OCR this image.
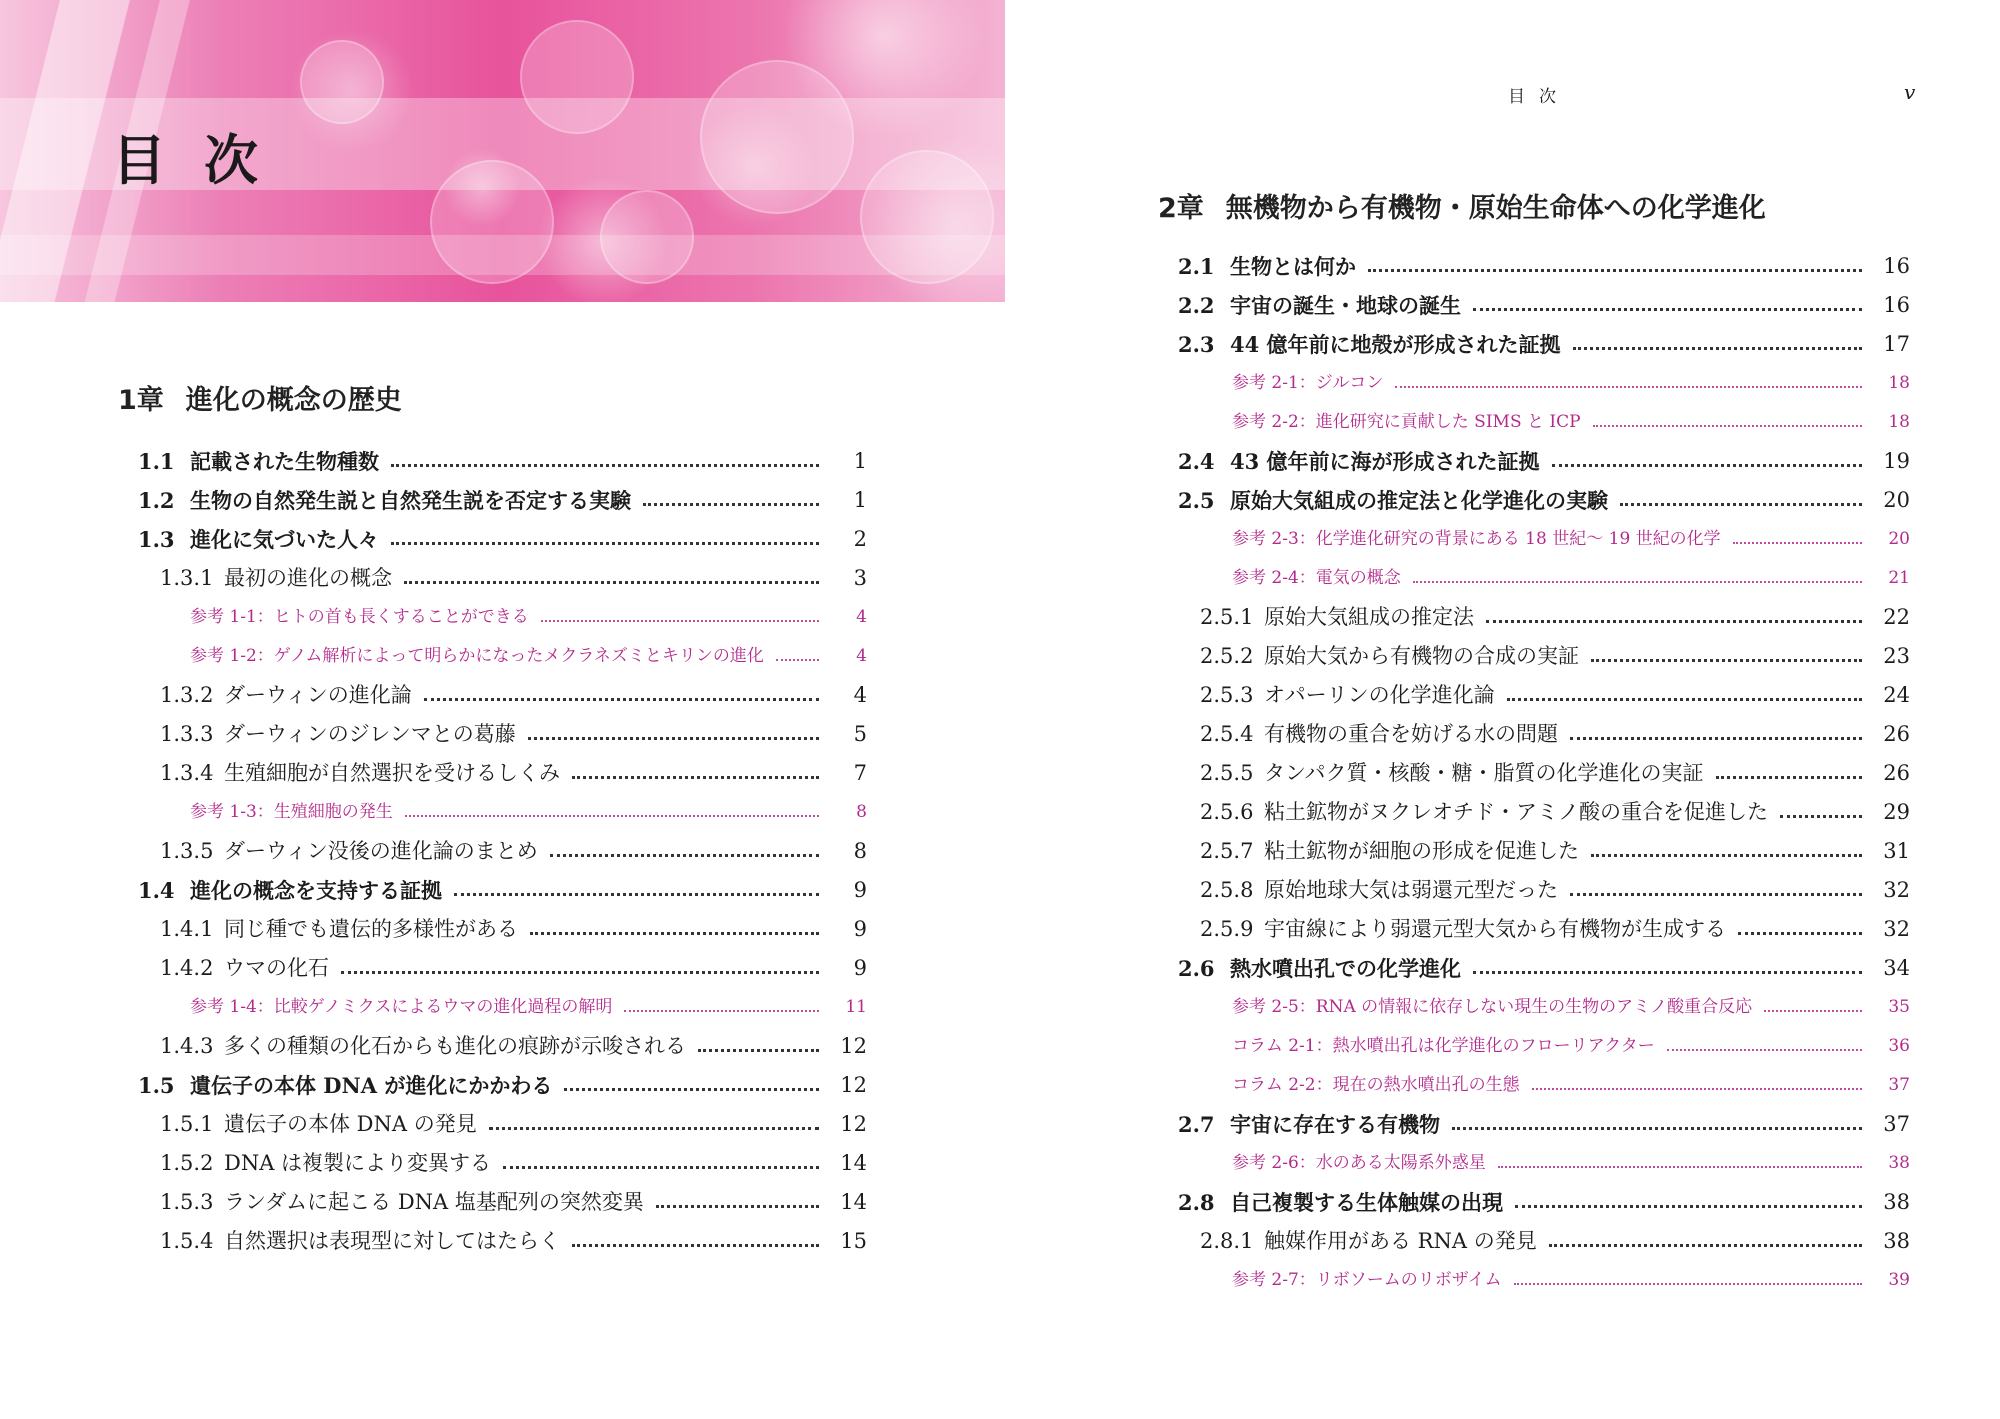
目次
1章 進化の概念の歴史
1.1 記載された生物種数	1
1.2 生物の自然発生説と自然発生説を否定する実験	1
1.3 進化に気づいた人々	2
1.3.1 最初の進化の概念	3
参考 1-1：ヒトの首も長くすることができる	4
参考 1-2：ゲノム解析によって明らかになったメクラネズミとキリンの進化	4
1.3.2 ダーウィンの進化論	4
1.3.3 ダーウィンのジレンマとの葛藤	5
1.3.4 生殖細胞が自然選択を受けるしくみ	7
参考 1-3：生殖細胞の発生	8
1.3.5 ダーウィン没後の進化論のまとめ	8
1.4 進化の概念を支持する証拠	9
1.4.1 同じ種でも遺伝的多様性がある	9
1.4.2 ウマの化石	9
参考 1-4：比較ゲノミクスによるウマの進化過程の解明	11
1.4.3 多くの種類の化石からも進化の痕跡が示唆される	12
1.5 遺伝子の本体 DNA が進化にかかわる	12
1.5.1 遺伝子の本体 DNA の発見	12
1.5.2 DNA は複製により変異する	14
1.5.3 ランダムに起こる DNA 塩基配列の突然変異	14
1.5.4 自然選択は表現型に対してはたらく	15
目次	v
2章 無機物から有機物・原始生命体への化学進化
2.1 生物とは何か	16
2.2 宇宙の誕生・地球の誕生	16
2.3 44 億年前に地殻が形成された証拠	17
参考 2-1：ジルコン	18
参考 2-2：進化研究に貢献した SIMS と ICP	18
2.4 43 億年前に海が形成された証拠	19
2.5 原始大気組成の推定法と化学進化の実験	20
参考 2-3：化学進化研究の背景にある 18 世紀～ 19 世紀の化学	20
参考 2-4：電気の概念	21
2.5.1 原始大気組成の推定法	22
2.5.2 原始大気から有機物の合成の実証	23
2.5.3 オパーリンの化学進化論	24
2.5.4 有機物の重合を妨げる水の問題	26
2.5.5 タンパク質・核酸・糖・脂質の化学進化の実証	26
2.5.6 粘土鉱物がヌクレオチド・アミノ酸の重合を促進した	29
2.5.7 粘土鉱物が細胞の形成を促進した	31
2.5.8 原始地球大気は弱還元型だった	32
2.5.9 宇宙線により弱還元型大気から有機物が生成する	32
2.6 熱水噴出孔での化学進化	34
参考 2-5：RNA の情報に依存しない現生の生物のアミノ酸重合反応	35
コラム 2-1：熱水噴出孔は化学進化のフローリアクター	36
コラム 2-2：現在の熱水噴出孔の生態	37
2.7 宇宙に存在する有機物	37
参考 2-6：水のある太陽系外惑星	38
2.8 自己複製する生体触媒の出現	38
2.8.1 触媒作用がある RNA の発見	38
参考 2-7：リボソームのリボザイム	39
